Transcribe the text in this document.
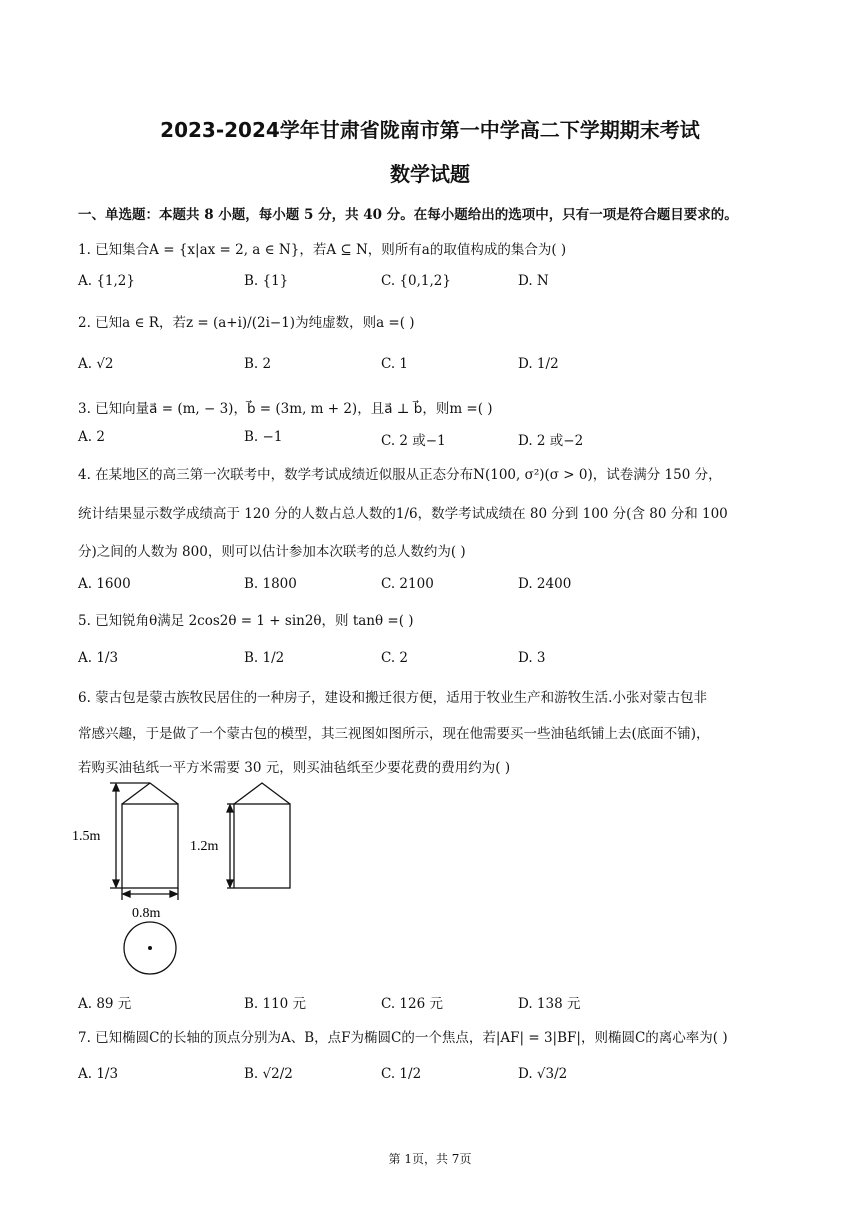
2023-2024学年甘肃省陇南市第一中学高二下学期期末考试
数学试题
一、单选题：本题共 8 小题，每小题 5 分，共 40 分。在每小题给出的选项中，只有一项是符合题目要求的。
1. 已知集合A = {x|ax = 2, a ∈ N}，若A ⊆ N，则所有a的取值构成的集合为( )
A. {1,2}	B. {1}	C. {0,1,2}	D. N
2. 已知a ∈ R，若z = (a+i)/(2i−1)为纯虚数，则a =( )
A. √2	B. 2	C. 1	D. 1/2
3. 已知向量a⃗ = (m, − 3)，b⃗ = (3m, m + 2)，且a⃗ ⊥ b⃗，则m =( )
A. 2	B. −1	C. 2 或−1	D. 2 或−2
4. 在某地区的高三第一次联考中，数学考试成绩近似服从正态分布N(100, σ²)(σ > 0)，试卷满分 150 分，
统计结果显示数学成绩高于 120 分的人数占总人数的1/6，数学考试成绩在 80 分到 100 分(含 80 分和 100
分)之间的人数为 800，则可以估计参加本次联考的总人数约为( )
A. 1600	B. 1800	C. 2100	D. 2400
5. 已知锐角θ满足 2cos2θ = 1 + sin2θ，则 tanθ =( )
A. 1/3	B. 1/2	C. 2	D. 3
6. 蒙古包是蒙古族牧民居住的一种房子，建设和搬迁很方便，适用于牧业生产和游牧生活.小张对蒙古包非
常感兴趣，于是做了一个蒙古包的模型，其三视图如图所示，现在他需要买一些油毡纸铺上去(底面不铺)，
若购买油毡纸一平方米需要 30 元，则买油毡纸至少要花费的费用约为( )
1.5m
1.2m
0.8m
A. 89 元	B. 110 元	C. 126 元	D. 138 元
7. 已知椭圆C的长轴的顶点分别为A、B，点F为椭圆C的一个焦点，若|AF| = 3|BF|，则椭圆C的离心率为( )
A. 1/3	B. √2/2	C. 1/2	D. √3/2
第 1页，共 7页
